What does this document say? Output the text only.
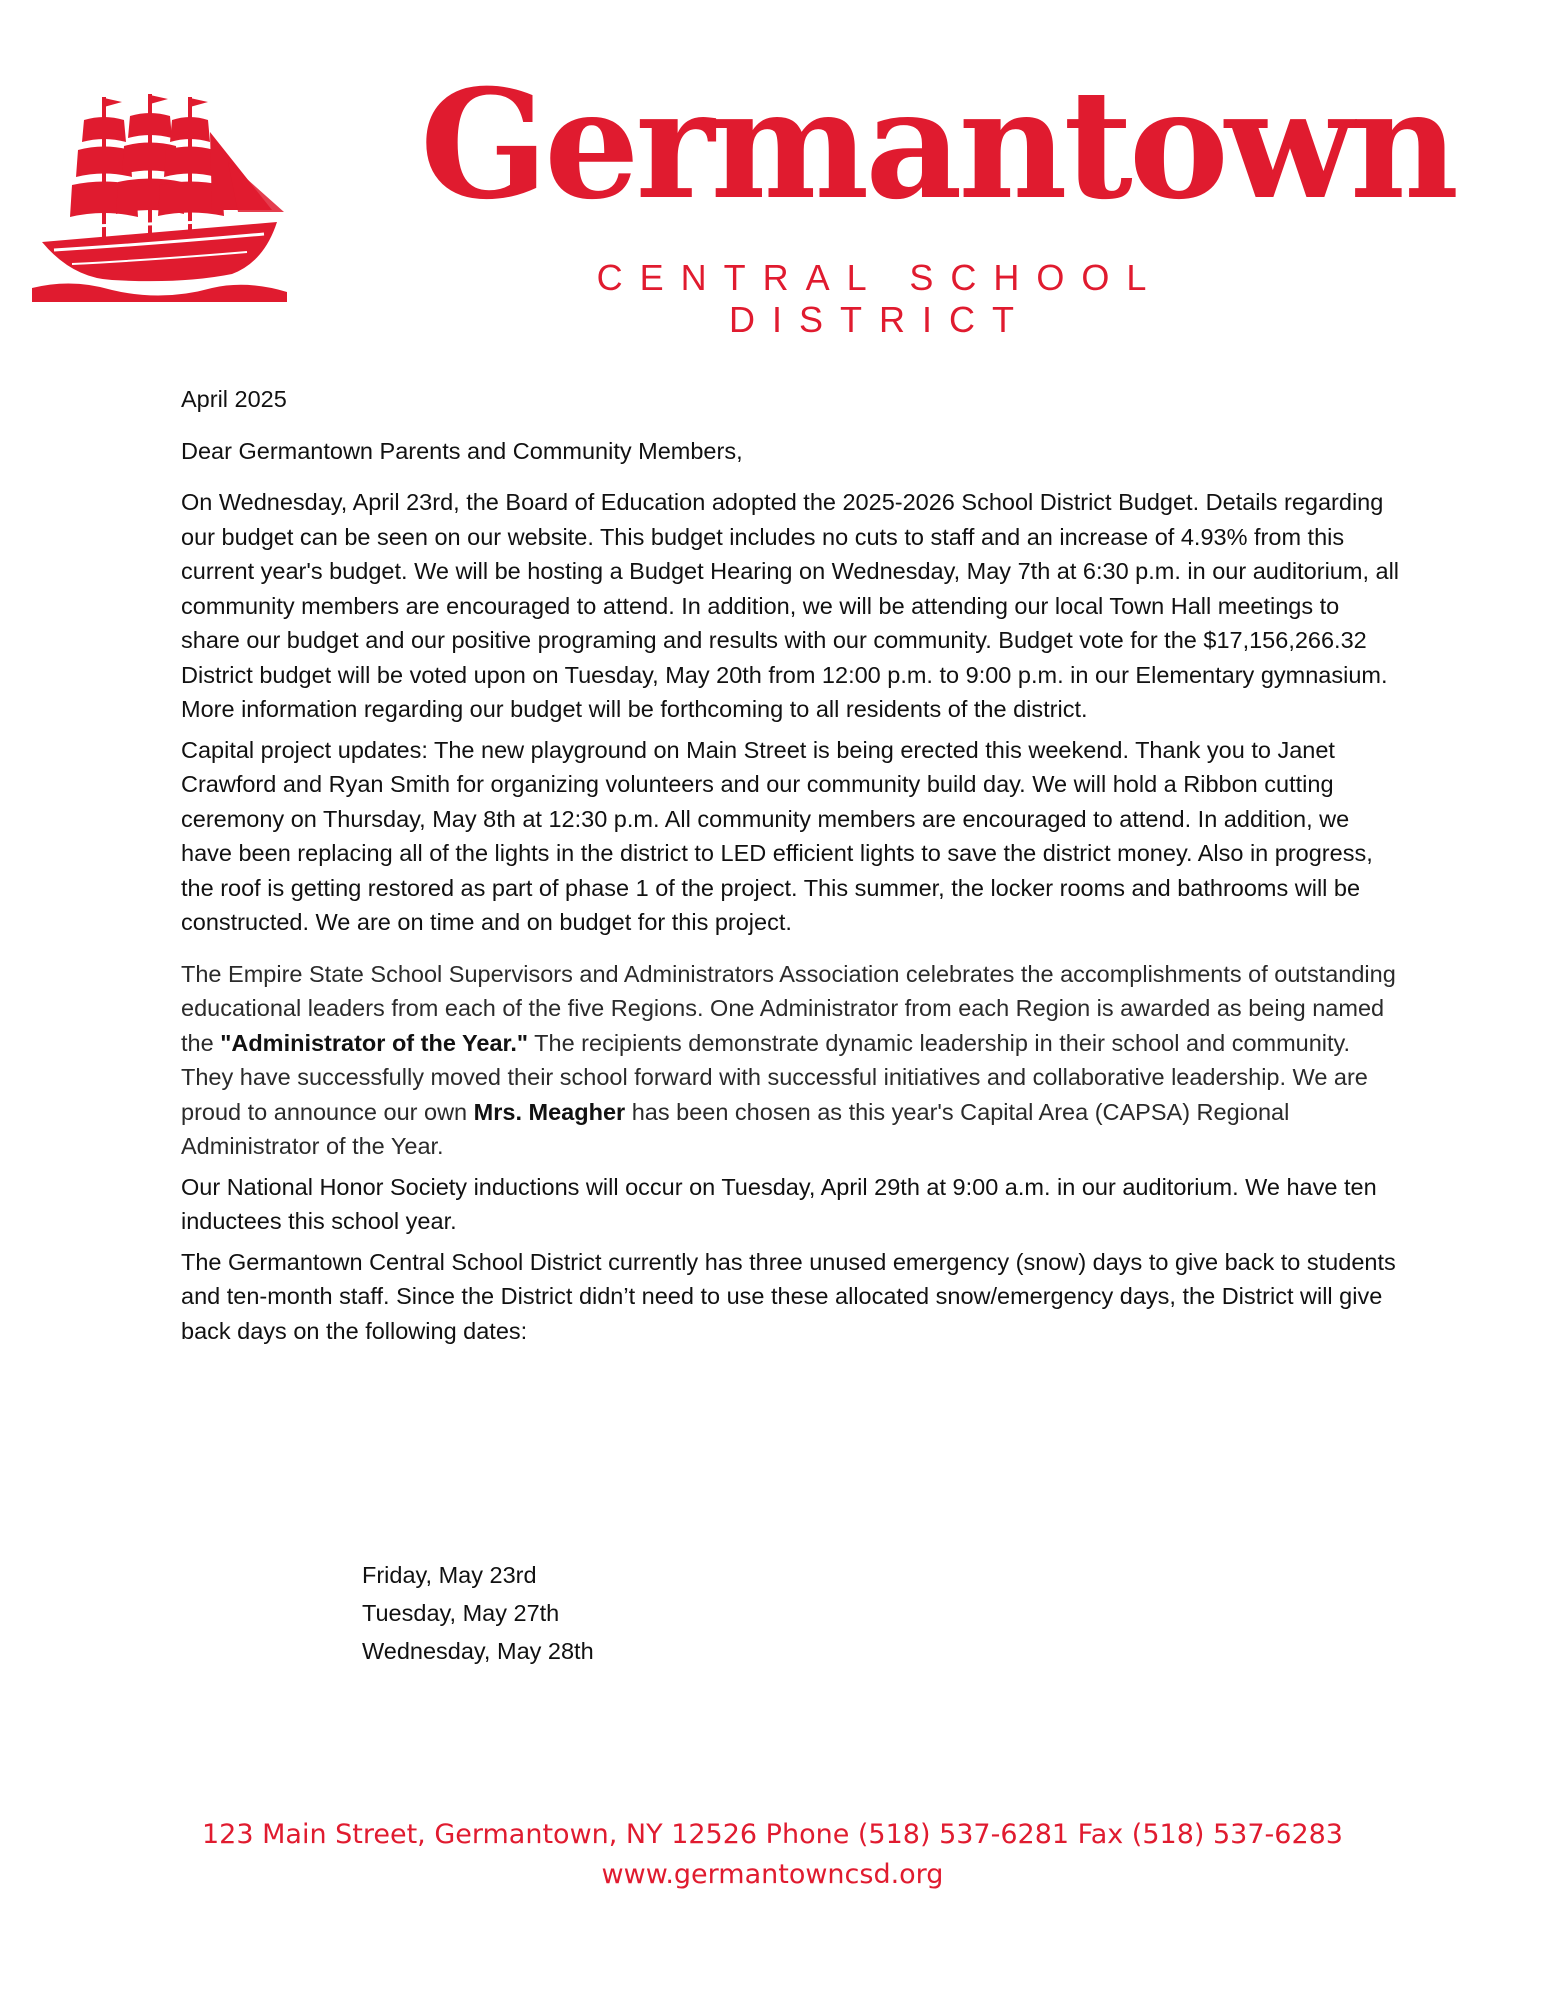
Germantown
CENTRAL SCHOOL DISTRICT

April 2025

Dear Germantown Parents and Community Members,

On Wednesday, April 23rd, the Board of Education adopted the 2025-2026 School District Budget. Details regarding our budget can be seen on our website. This budget includes no cuts to staff and an increase of 4.93% from this current year's budget. We will be hosting a Budget Hearing on Wednesday, May 7th at 6:30 p.m. in our auditorium, all community members are encouraged to attend. In addition, we will be attending our local Town Hall meetings to share our budget and our positive programing and results with our community. Budget vote for the $17,156,266.32 District budget will be voted upon on Tuesday, May 20th from 12:00 p.m. to 9:00 p.m. in our Elementary gymnasium. More information regarding our budget will be forthcoming to all residents of the district.

Capital project updates: The new playground on Main Street is being erected this weekend. Thank you to Janet Crawford and Ryan Smith for organizing volunteers and our community build day. We will hold a Ribbon cutting ceremony on Thursday, May 8th at 12:30 p.m. All community members are encouraged to attend. In addition, we have been replacing all of the lights in the district to LED efficient lights to save the district money. Also in progress, the roof is getting restored as part of phase 1 of the project. This summer, the locker rooms and bathrooms will be constructed. We are on time and on budget for this project.

The Empire State School Supervisors and Administrators Association celebrates the accomplishments of outstanding educational leaders from each of the five Regions. One Administrator from each Region is awarded as being named the "Administrator of the Year." The recipients demonstrate dynamic leadership in their school and community. They have successfully moved their school forward with successful initiatives and collaborative leadership. We are proud to announce our own Mrs. Meagher has been chosen as this year's Capital Area (CAPSA) Regional Administrator of the Year.

Our National Honor Society inductions will occur on Tuesday, April 29th at 9:00 a.m. in our auditorium. We have ten inductees this school year.

The Germantown Central School District currently has three unused emergency (snow) days to give back to students and ten-month staff. Since the District didn’t need to use these allocated snow/emergency days, the District will give back days on the following dates:

Friday, May 23rd
Tuesday, May 27th
Wednesday, May 28th
123 Main Street, Germantown, NY 12526 Phone (518) 537-6281 Fax (518) 537-6283
www.germantowncsd.org
